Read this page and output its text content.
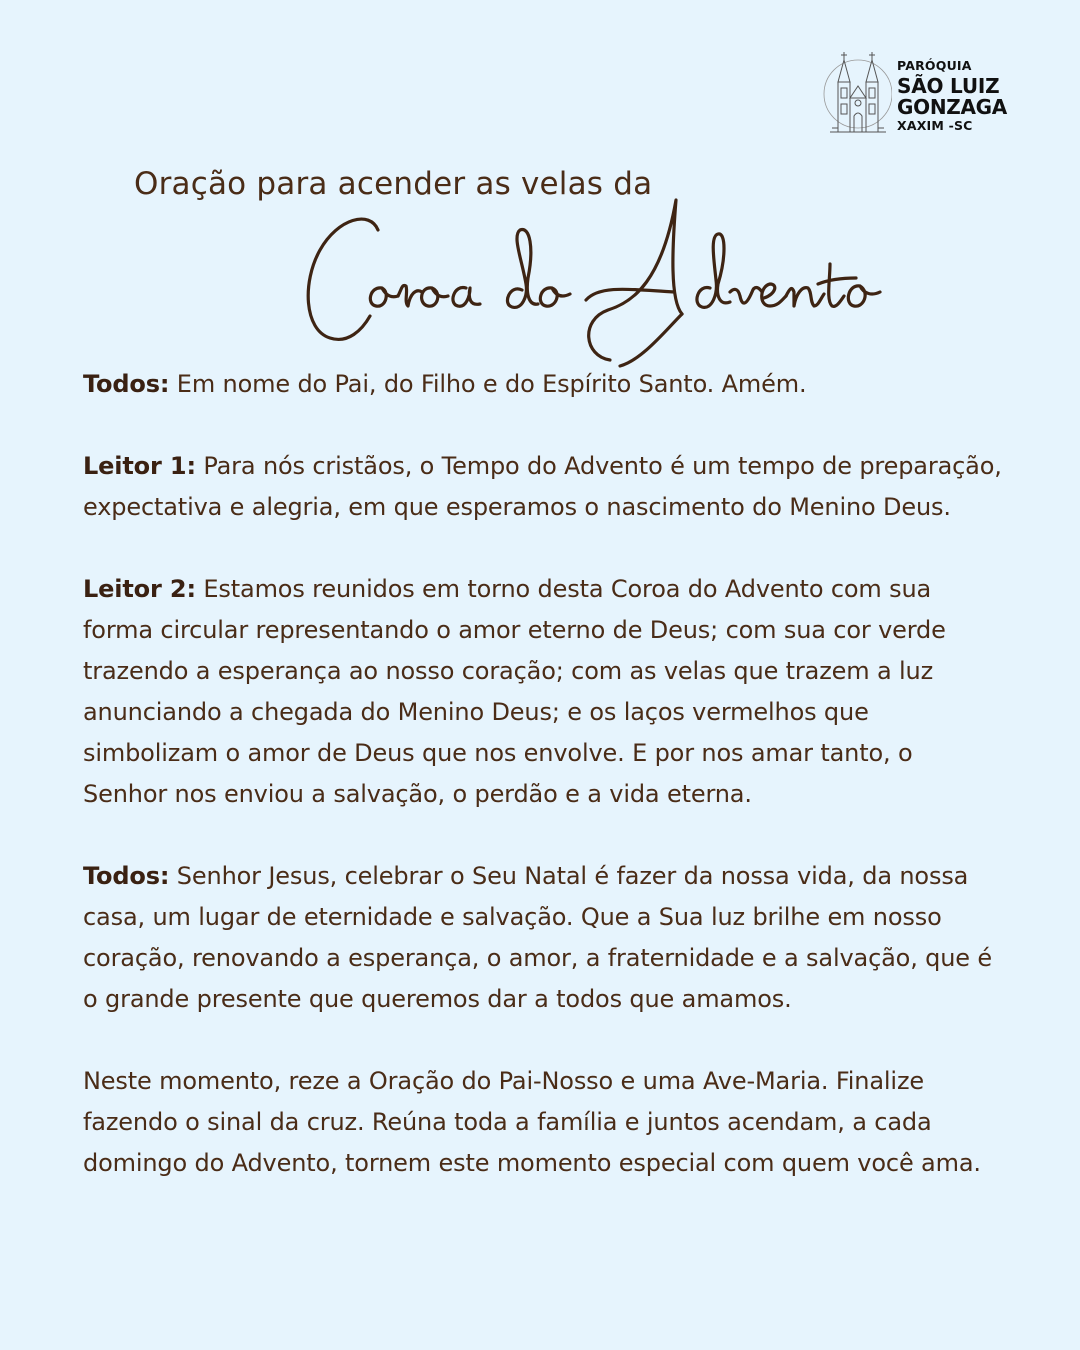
PARÓQUIA
SÃO LUIZ
GONZAGA
XAXIM -SC
Oração para acender as velas da

Todos: Em nome do Pai, do Filho e do Espírito Santo. Amém.

Leitor 1: Para nós cristãos, o Tempo do Advento é um tempo de preparação, expectativa e alegria, em que esperamos o nascimento do Menino Deus.

Leitor 2: Estamos reunidos em torno desta Coroa do Advento com sua forma circular representando o amor eterno de Deus; com sua cor verde trazendo a esperança ao nosso coração; com as velas que trazem a luz anunciando a chegada do Menino Deus; e os laços vermelhos que simbolizam o amor de Deus que nos envolve. E por nos amar tanto, o Senhor nos enviou a salvação, o perdão e a vida eterna.

Todos: Senhor Jesus, celebrar o Seu Natal é fazer da nossa vida, da nossa casa, um lugar de eternidade e salvação. Que a Sua luz brilhe em nosso coração, renovando a esperança, o amor, a fraternidade e a salvação, que é o grande presente que queremos dar a todos que amamos.

Neste momento, reze a Oração do Pai-Nosso e uma Ave-Maria. Finalize fazendo o sinal da cruz. Reúna toda a família e juntos acendam, a cada domingo do Advento, tornem este momento especial com quem você ama.
